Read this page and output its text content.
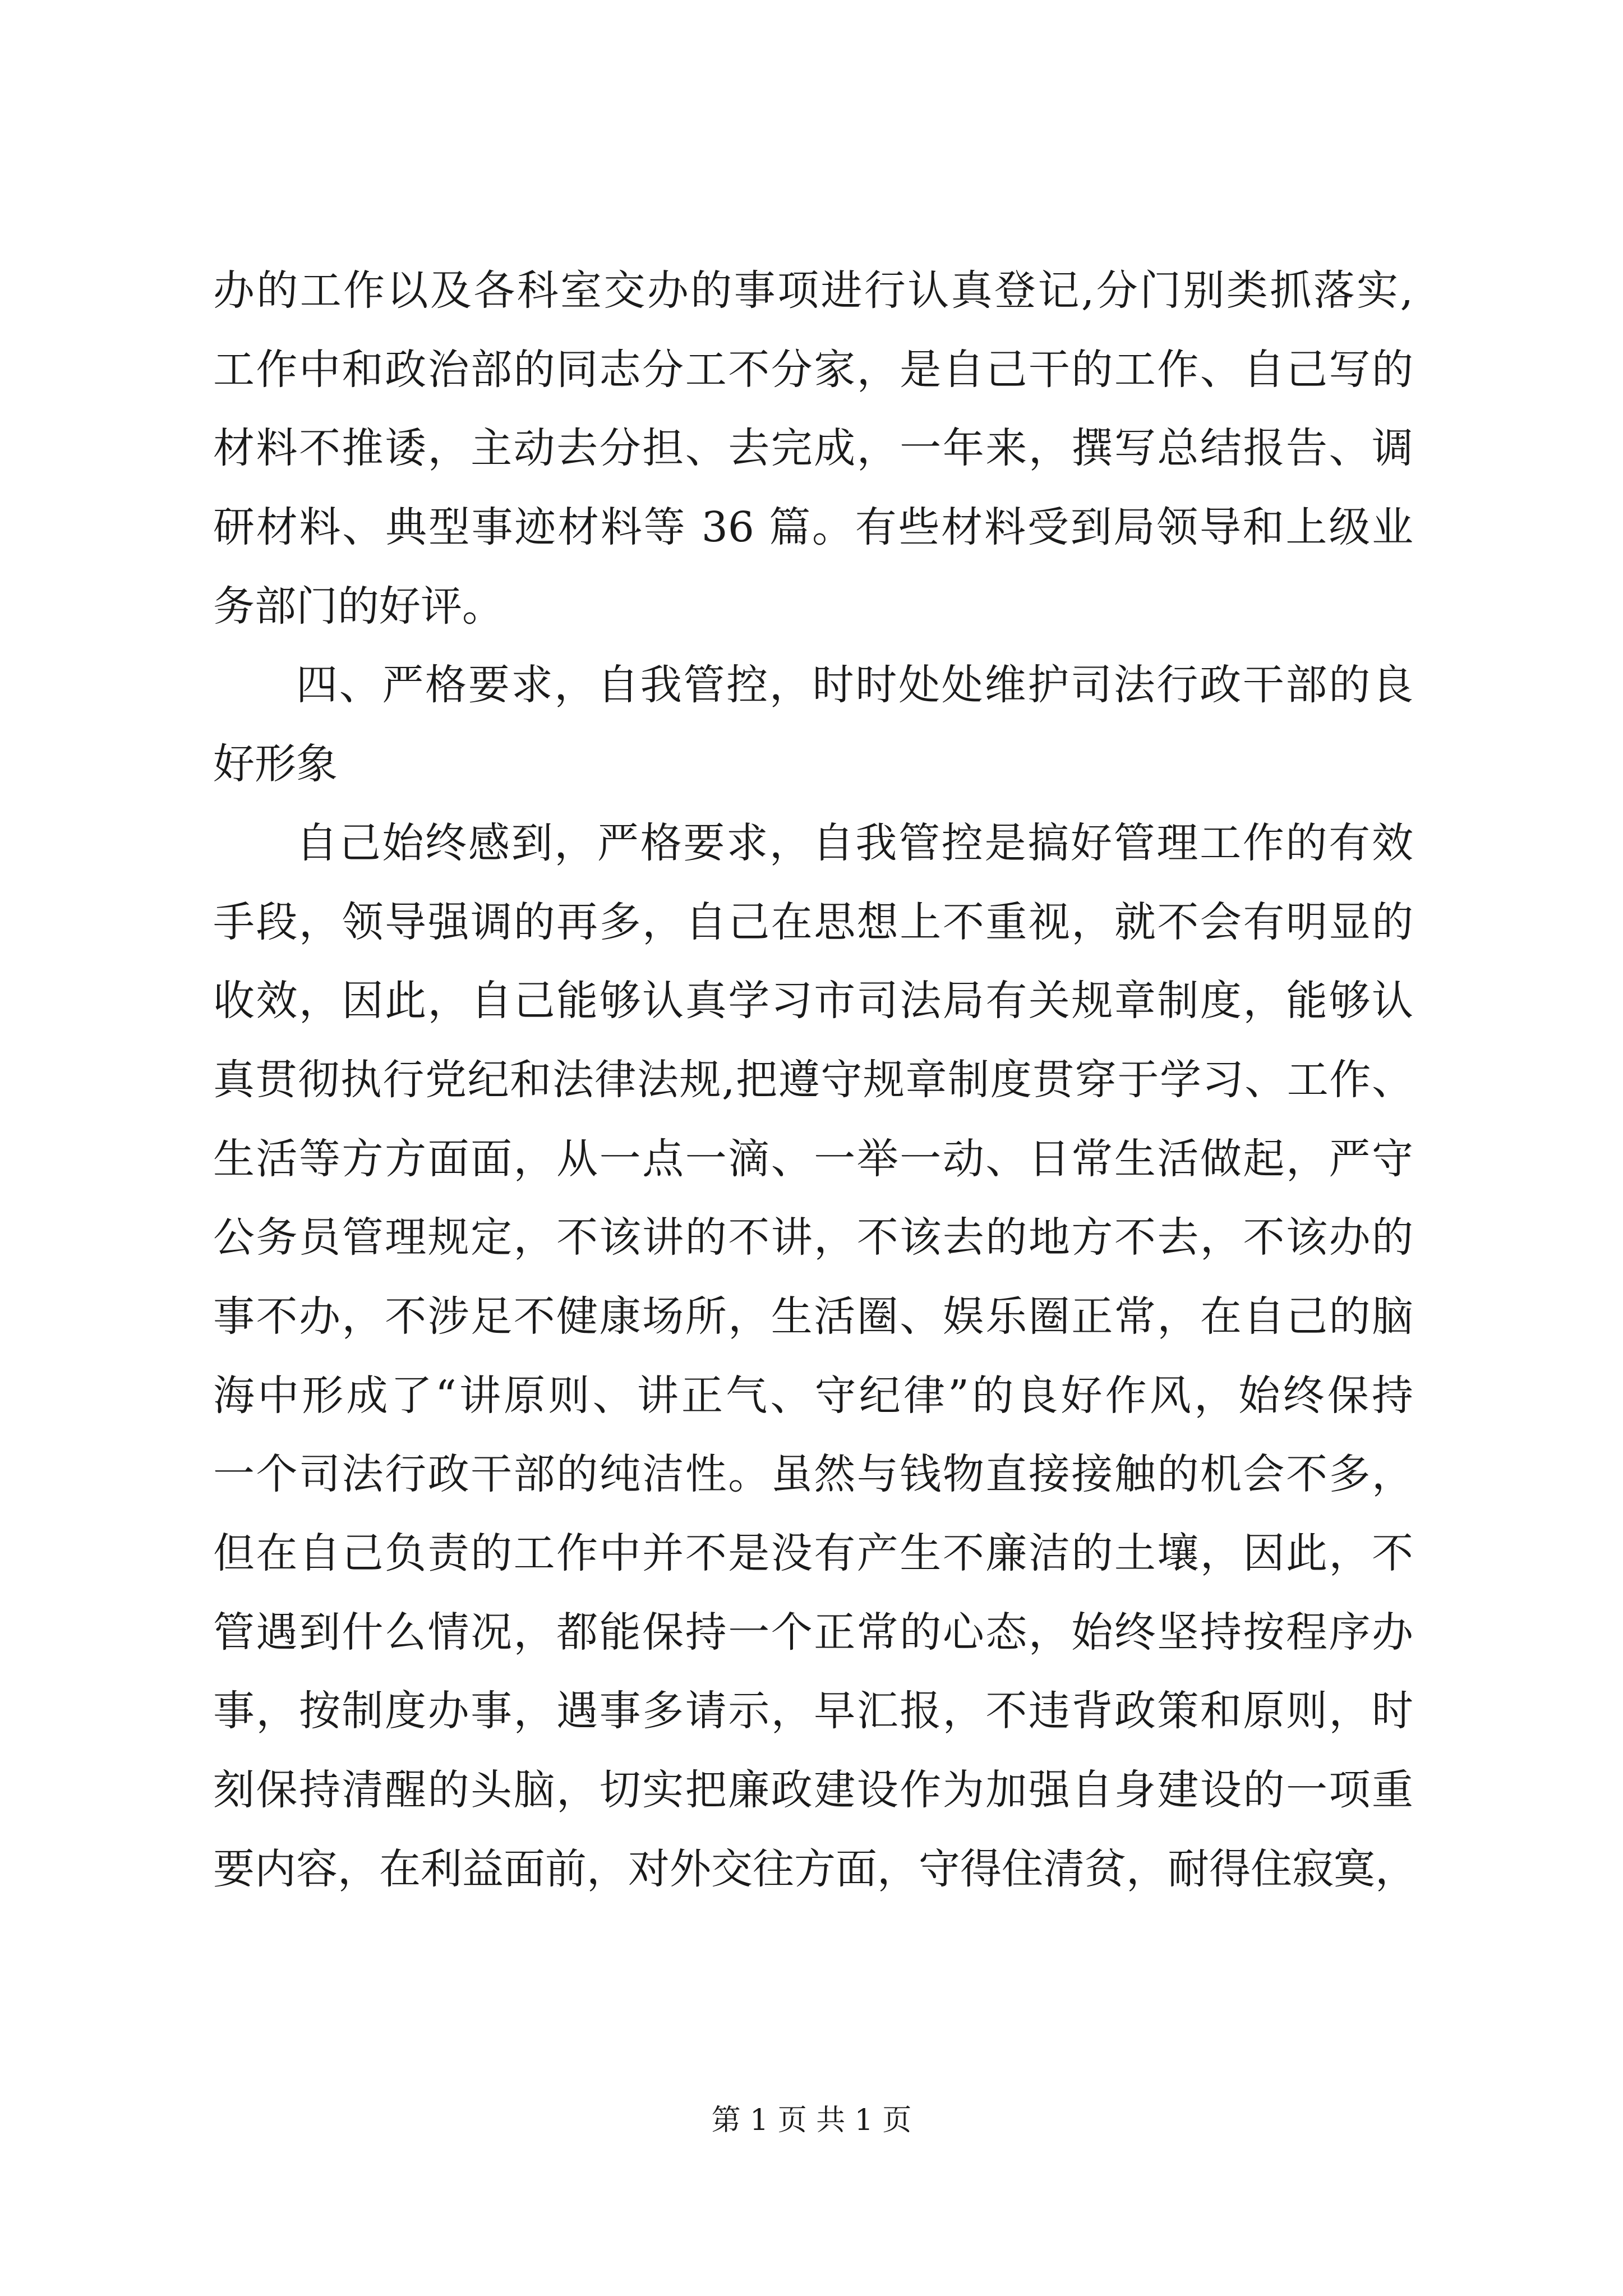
办的工作以及各科室交办的事项进行认真登记,分门别类抓落实,
工作中和政治部的同志分工不分家，是自己干的工作、自己写的
材料不推诿，主动去分担、去完成，一年来，撰写总结报告、调
研材料、典型事迹材料等 36 篇。有些材料受到局领导和上级业
务部门的好评。
四、严格要求，自我管控，时时处处维护司法行政干部的良
好形象
自己始终感到，严格要求，自我管控是搞好管理工作的有效
手段，领导强调的再多，自己在思想上不重视，就不会有明显的
收效，因此，自己能够认真学习市司法局有关规章制度，能够认
真贯彻执行党纪和法律法规,把遵守规章制度贯穿于学习、工作、
生活等方方面面，从一点一滴、一举一动、日常生活做起，严守
公务员管理规定，不该讲的不讲，不该去的地方不去，不该办的
事不办，不涉足不健康场所，生活圈、娱乐圈正常，在自己的脑
海中形成了“讲原则、讲正气、守纪律”的良好作风，始终保持
一个司法行政干部的纯洁性。虽然与钱物直接接触的机会不多，
但在自己负责的工作中并不是没有产生不廉洁的土壤，因此，不
管遇到什么情况，都能保持一个正常的心态，始终坚持按程序办
事，按制度办事，遇事多请示，早汇报，不违背政策和原则，时
刻保持清醒的头脑，切实把廉政建设作为加强自身建设的一项重
要内容，在利益面前，对外交往方面，守得住清贫，耐得住寂寞，
第 1 页 共 1 页
